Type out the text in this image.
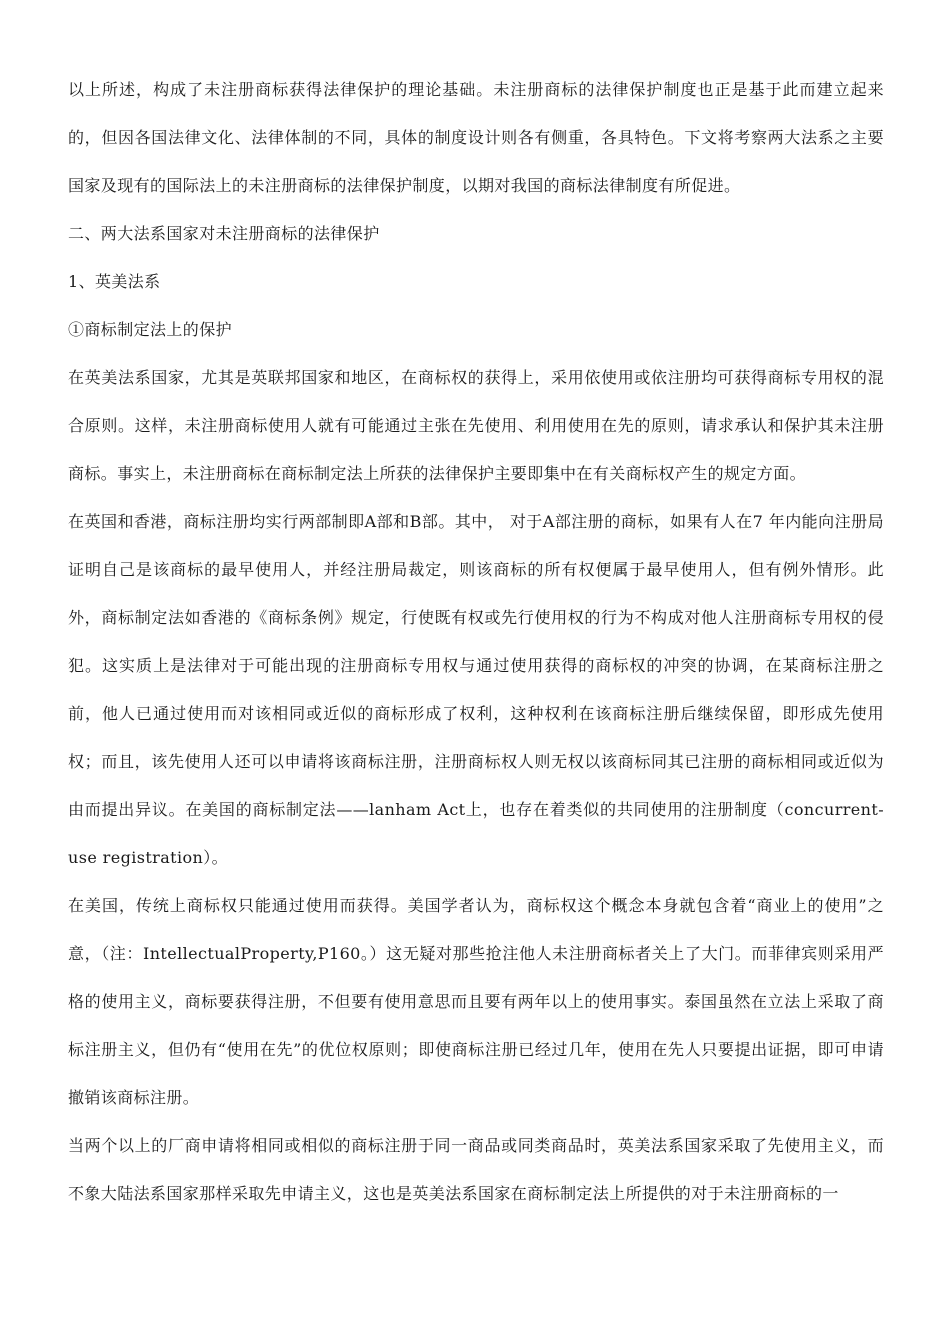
以上所述，构成了未注册商标获得法律保护的理论基础。未注册商标的法律保护制度也正是基于此而建立起来的，但因各国法律文化、法律体制的不同，具体的制度设计则各有侧重，各具特色。下文将考察两大法系之主要国家及现有的国际法上的未注册商标的法律保护制度，以期对我国的商标法律制度有所促进。

二、两大法系国家对未注册商标的法律保护

1、英美法系

①商标制定法上的保护

在英美法系国家，尤其是英联邦国家和地区，在商标权的获得上，采用依使用或依注册均可获得商标专用权的混合原则。这样，未注册商标使用人就有可能通过主张在先使用、利用使用在先的原则，请求承认和保护其未注册商标。事实上，未注册商标在商标制定法上所获的法律保护主要即集中在有关商标权产生的规定方面。

在英国和香港，商标注册均实行两部制即A部和B部。其中， 对于A部注册的商标，如果有人在7 年内能向注册局证明自己是该商标的最早使用人，并经注册局裁定，则该商标的所有权便属于最早使用人，但有例外情形。此外，商标制定法如香港的《商标条例》规定，行使既有权或先行使用权的行为不构成对他人注册商标专用权的侵犯。这实质上是法律对于可能出现的注册商标专用权与通过使用获得的商标权的冲突的协调，在某商标注册之前，他人已通过使用而对该相同或近似的商标形成了权利，这种权利在该商标注册后继续保留，即形成先使用权；而且，该先使用人还可以申请将该商标注册，注册商标权人则无权以该商标同其已注册的商标相同或近似为由而提出异议。在美国的商标制定法——lanham Act上，也存在着类似的共同使用的注册制度（concurrent-use registration）。

在美国，传统上商标权只能通过使用而获得。美国学者认为，商标权这个概念本身就包含着“商业上的使用”之意，（注：IntellectualProperty,P160。）这无疑对那些抢注他人未注册商标者关上了大门。而菲律宾则采用严格的使用主义，商标要获得注册，不但要有使用意思而且要有两年以上的使用事实。泰国虽然在立法上采取了商标注册主义，但仍有“使用在先”的优位权原则；即使商标注册已经过几年，使用在先人只要提出证据，即可申请撤销该商标注册。

当两个以上的厂商申请将相同或相似的商标注册于同一商品或同类商品时，英美法系国家采取了先使用主义，而不象大陆法系国家那样采取先申请主义，这也是英美法系国家在商标制定法上所提供的对于未注册商标的一
